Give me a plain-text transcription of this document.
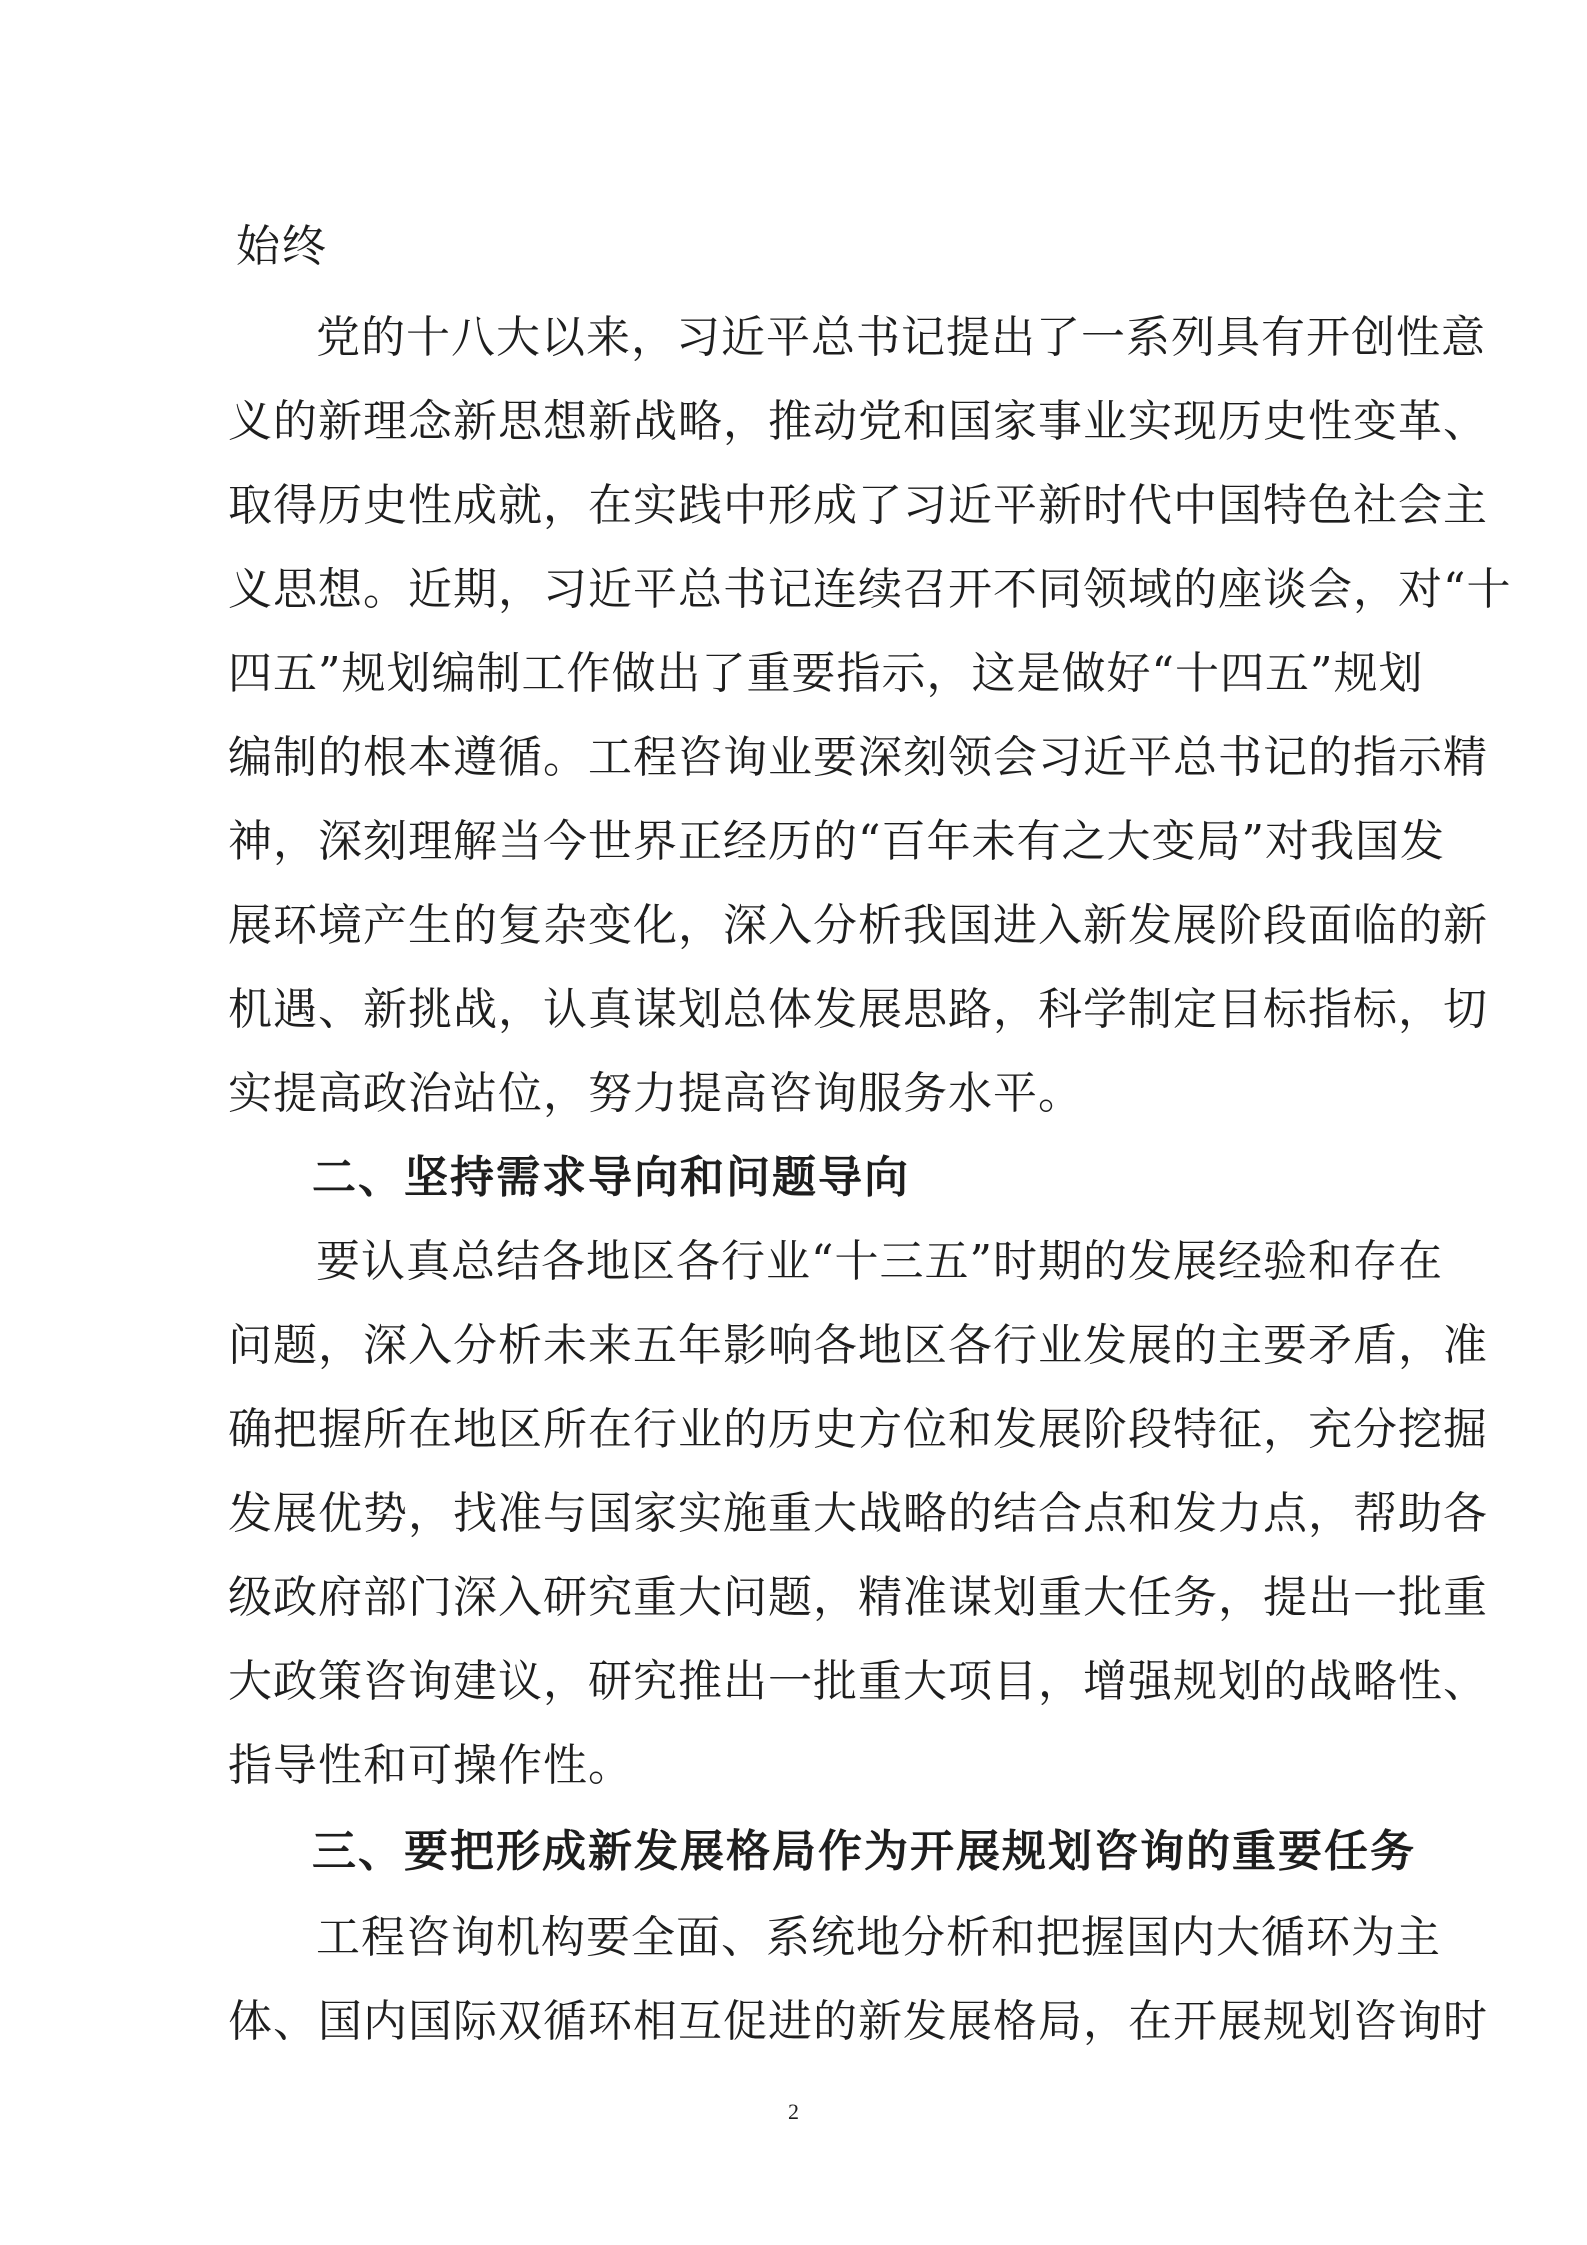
始终
党的十八大以来，习近平总书记提出了一系列具有开创性意
义的新理念新思想新战略，推动党和国家事业实现历史性变革、
取得历史性成就，在实践中形成了习近平新时代中国特色社会主
义思想。近期，习近平总书记连续召开不同领域的座谈会，对“十
四五”规划编制工作做出了重要指示，这是做好“十四五”规划
编制的根本遵循。工程咨询业要深刻领会习近平总书记的指示精
神，深刻理解当今世界正经历的“百年未有之大变局”对我国发
展环境产生的复杂变化，深入分析我国进入新发展阶段面临的新
机遇、新挑战，认真谋划总体发展思路，科学制定目标指标，切
实提高政治站位，努力提高咨询服务水平。
二、坚持需求导向和问题导向
要认真总结各地区各行业“十三五”时期的发展经验和存在
问题，深入分析未来五年影响各地区各行业发展的主要矛盾，准
确把握所在地区所在行业的历史方位和发展阶段特征，充分挖掘
发展优势，找准与国家实施重大战略的结合点和发力点，帮助各
级政府部门深入研究重大问题，精准谋划重大任务，提出一批重
大政策咨询建议，研究推出一批重大项目，增强规划的战略性、
指导性和可操作性。
三、要把形成新发展格局作为开展规划咨询的重要任务
工程咨询机构要全面、系统地分析和把握国内大循环为主
体、国内国际双循环相互促进的新发展格局，在开展规划咨询时
2
